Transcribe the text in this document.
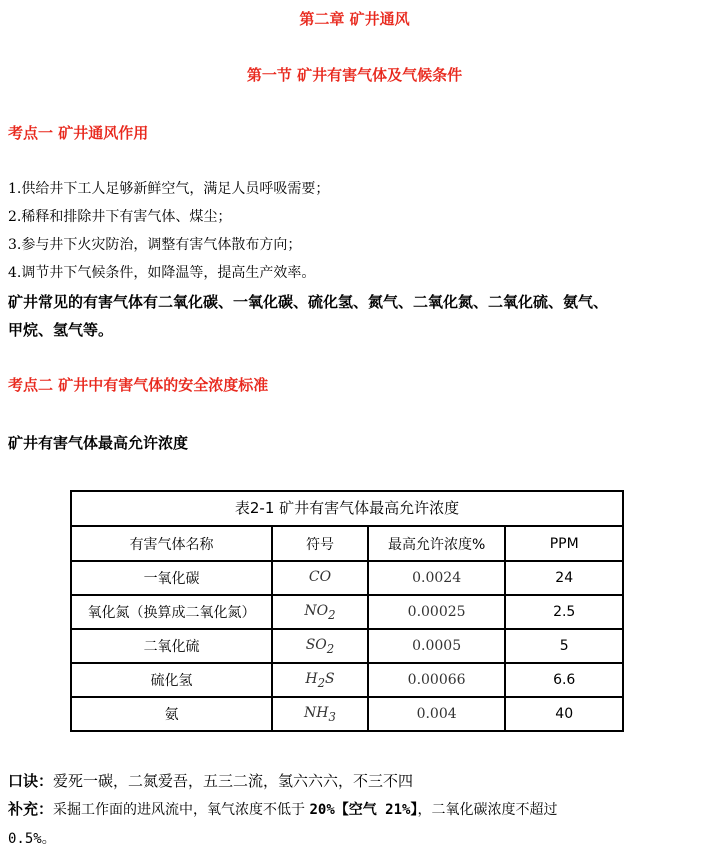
第二章 矿井通风
第一节 矿井有害气体及气候条件
考点一 矿井通风作用
1.供给井下工人足够新鲜空气，满足人员呼吸需要；
2.稀释和排除井下有害气体、煤尘；
3.参与井下火灾防治，调整有害气体散布方向；
4.调节井下气候条件，如降温等，提高生产效率。
矿井常见的有害气体有二氧化碳、一氧化碳、硫化氢、氮气、二氧化氮、二氧化硫、氨气、
甲烷、氢气等。
考点二 矿井中有害气体的安全浓度标准
矿井有害气体最高允许浓度
表2-1 矿井有害气体最高允许浓度
有害气体名称	符号	最高允许浓度%	PPM
一氧化碳	CO	0.0024	24
氧化氮（换算成二氧化氮）	$NO_2$	0.00025	2.5
二氧化硫	$SO_2$	0.0005	5
硫化氢	$H_2S$	0.00066	6.6
氨	$NH_3$	0.004	40
口诀：爱死一碳，二氮爱吾，五三二流，氢六六六，不三不四
补充：采掘工作面的进风流中，氧气浓度不低于 20%【空气 21%】，二氧化碳浓度不超过
0.5%。
